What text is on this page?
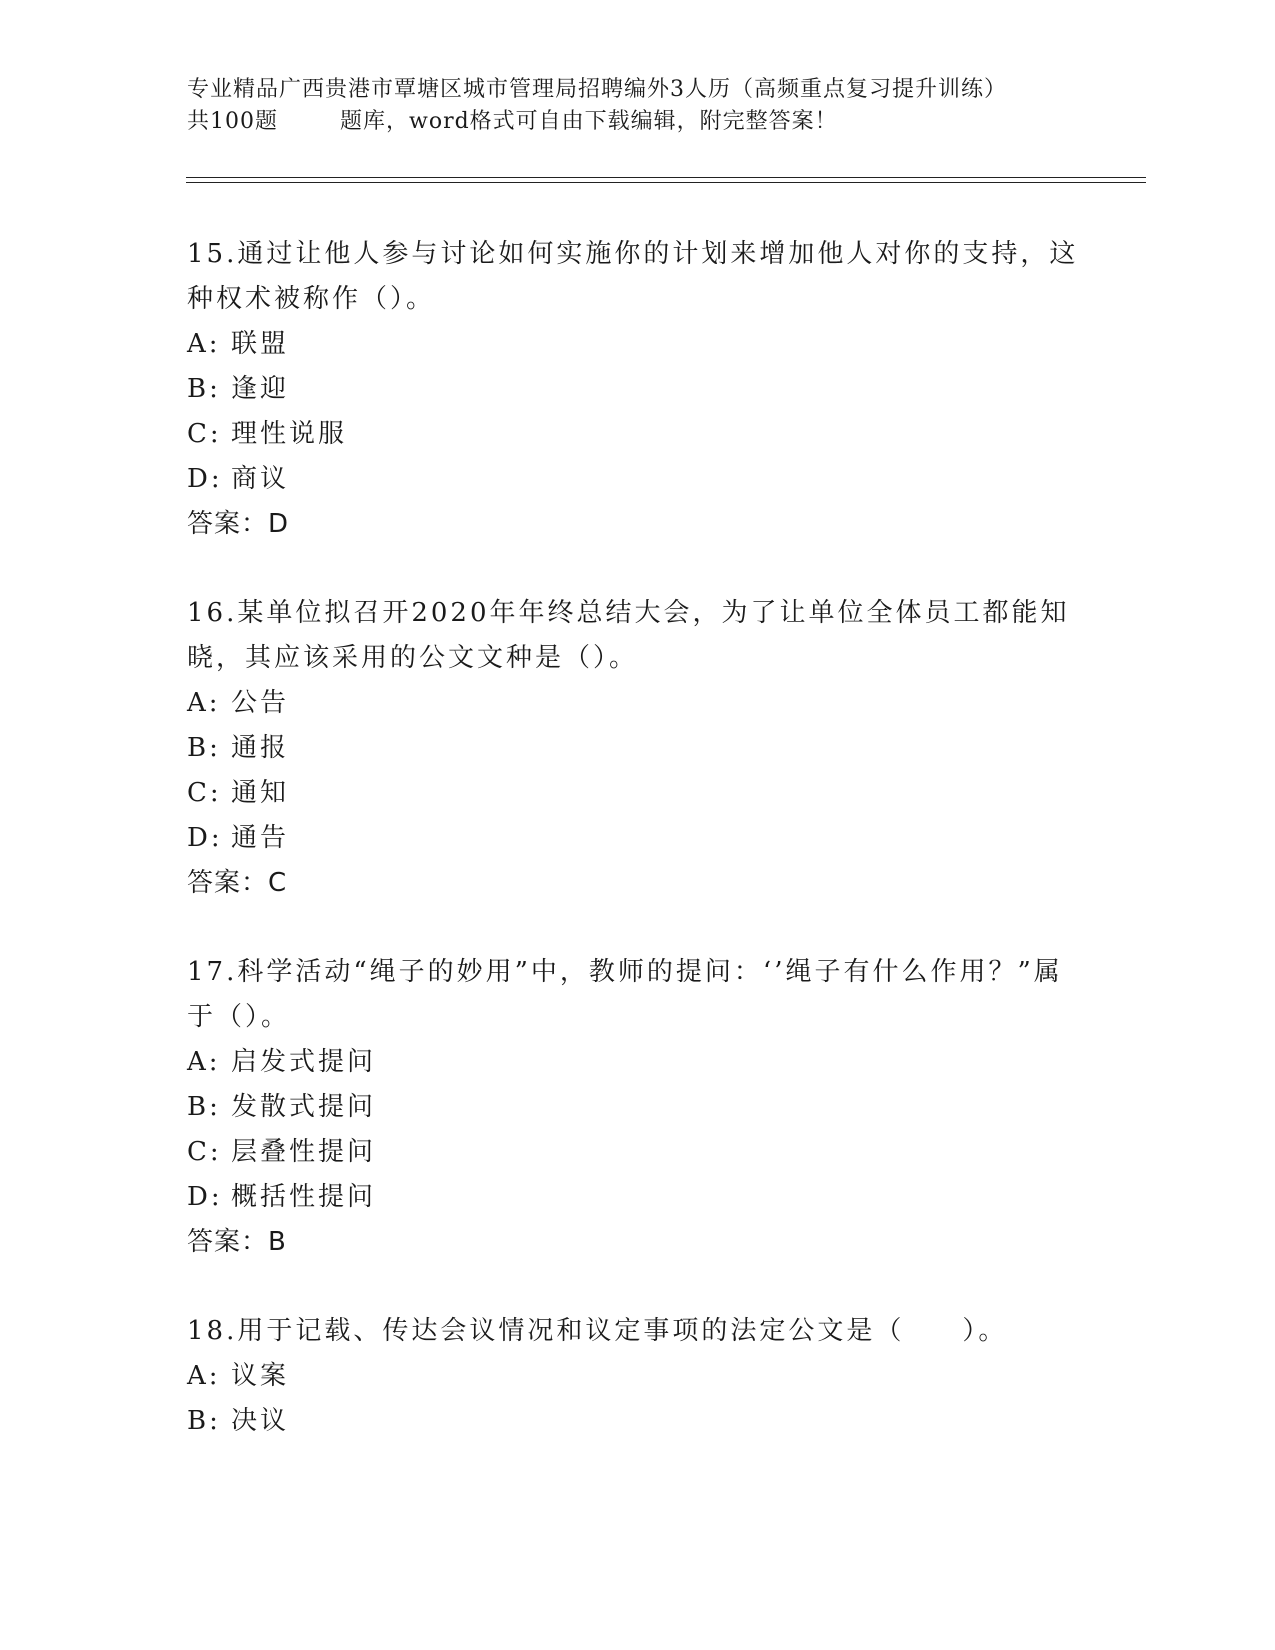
专业精品广西贵港市覃塘区城市管理局招聘编外3人历（高频重点复习提升训练）
共100题	题库，word格式可自由下载编辑，附完整答案！

15.通过让他人参与讨论如何实施你的计划来增加他人对你的支持，这种权术被称作（）。

A: 联盟
B: 逢迎
C: 理性说服
D: 商议
答案：D

16.某单位拟召开2020年年终总结大会，为了让单位全体员工都能知晓，其应该采用的公文文种是（）。

A: 公告
B: 通报
C: 通知
D: 通告
答案：C

17.科学活动“绳子的妙用”中，教师的提问：‘’绳子有什么作用？”属于（）。

A: 启发式提问
B: 发散式提问
C: 层叠性提问
D: 概括性提问
答案：B

18.用于记载、传达会议情况和议定事项的法定公文是（　　）。

A: 议案
B: 决议
